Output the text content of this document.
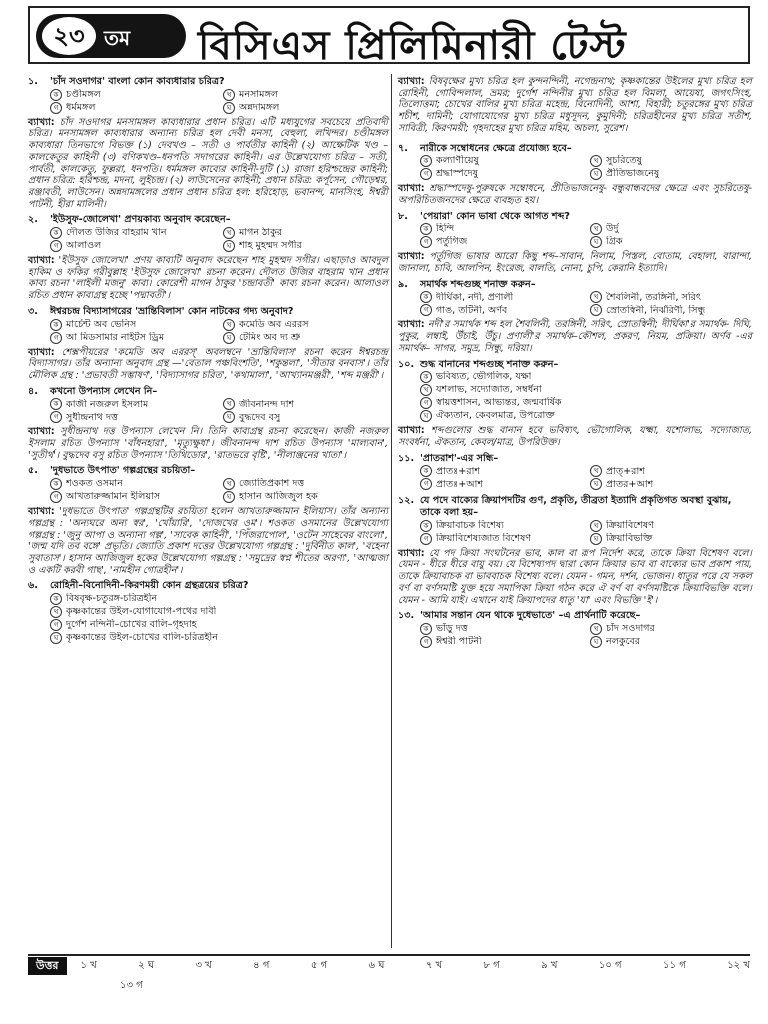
২৩ তম বিসিএস প্রিলিমিনারী টেস্ট
১.	'চাঁদ সওদাগর' বাংলা কোন কাব্যধারার চরিত্র?
ক চণ্ডীমঙ্গল	খ মনসামঙ্গল
গ ধর্মমঙ্গল	ঘ অন্নদামঙ্গল
ব্যাখ্যা: চাঁদ সওদাগর মনসামঙ্গল কাব্যধারার প্রধান চরিত্র। এটি মধ্যযুগের সবচেয়ে প্রতিবাদী চরিত্র। মনসামঙ্গল কাব্যধারার অন্যান্য চরিত্র হল দেবী মনসা, বেহুলা, লখিন্দর। চণ্ডীমঙ্গল কাব্যধারা তিনভাগে বিভক্ত (১) দেবখণ্ড – সতী ও পার্বতীর কাহিনী (২) আক্ষেটিক খণ্ড – কালকেতুর কাহিনী (৩) বণিকখণ্ড–ধনপতি সদাগরের কাহিনী। এর উল্লেখযোগ্য চরিত্র – সতী, পার্বতী, কালকেতু, ফুল্লরা, ধনপতি। ধর্মমঙ্গল কাব্যের কাহিনী-দুটি (১) রাজা হরিশ্চন্দ্রের কাহিনী; প্রধান চরিত্র: হরিশ্চন্দ্র, মদনা, লুইচন্দ্র। (২) লাউসেনের কাহিনী; প্রধান চরিত্র: কর্পূসেন, গৌড়েশ্বর, রঞ্জাবতী, লাউসেন। অন্নদামঙ্গলের প্রধান প্রধান চরিত্র হল: হরিহোড়, ভবানন্দ, মানসিংহ, ঈশ্বরী পাটনী, হীরা মালিনী।
২.	'ইউসুফ-জোলেখা' প্রণয়কাব্য অনুবাদ করেছেন–
ক দৌলত উজির বাহরাম খান	খ মাগন ঠাকুর
গ আলাওল	ঘ শাহ মুহম্মদ সগীর
ব্যাখ্যা: 'ইউসুফ জোলেখা' প্রণয় কাব্যটি অনুবাদ করেছেন শাহ মুহম্মদ সগীর। এছাড়াও আবদুল হাকিম ও ফকির গরীবুল্লাহ 'ইউসুফ জোলেখা' রচনা করেন। দৌলত উজির বাহরাম খান প্রধান কাব্য রচনা 'লাইলী মজনু' কাব্য। কোরেশী মাগন ঠাকুর 'চন্দ্রাবতী' কাব্য রচনা করেন। আলাওল রচিত প্রধান কাব্যগ্রন্থ হচ্ছে 'পদ্মাবতী'।
৩.	ঈশ্বরচন্দ্র বিদ্যাসাগরের 'ভ্রান্তিবিলাস' কোন নাটকের গদ্য অনুবাদ?
ক মার্চেন্ট অব ভেনিস	খ কমেডি অব এররস
গ আ মিডসামার নাইটস ড্রিম	ঘ টেমিং অব দ্য শ্রু
ব্যাখ্যা: শেক্সপীয়রের 'কমেডি অব এররস্' অবলম্বনে 'ভ্রান্তিবিলাস' রচনা করেন ঈশ্বরচন্দ্র বিদ্যাসাগর। তাঁর অন্যান্য অনুবাদ গ্রন্থ —'বেতাল পঞ্চবিংশতি', 'শকুন্তলা', 'সীতার বনবাস'। তাঁর মৌলিক গ্রন্থ : 'প্রভাবতী সম্ভাষণ', 'বিদ্যাসাগর চরিত', 'কথামালা', 'আখ্যানমঞ্জরী', 'শব্দ মঞ্জরী'।
৪.	কখনো উপন্যাস লেখেন নি–
ক কাজী নজরুল ইসলাম	খ জীবনানন্দ দাশ
গ সুধীন্দ্রনাথ দত্ত	ঘ বুদ্ধদেব বসু
ব্যাখ্যা: সুধীন্দ্রনাথ দত্ত উপন্যাস লেখেন নি। তিনি কাব্যগ্রন্থ রচনা করেছেন। কাজী নজরুল ইসলাম রচিত উপন্যাস 'বাঁধনহারা', 'মৃত্যুক্ষুধা'। জীবনানন্দ দাশ রচিত উপন্যাস 'মাল্যবান', 'সুতীর্থ'। বুদ্ধদেব বসু রচিত উপন্যাস 'তিথিডোর', 'রাতভরে বৃষ্টি', 'নীলাঞ্জনের খাতা'।
৫.	'দুধভাতে উৎপাত' গল্পগ্রন্থের রচয়িতা–
ক শওকত ওসমান	খ জ্যোতিপ্রকাশ দত্ত
গ আখতারুজ্জামান ইলিয়াস	ঘ হাসান আজিজুল হক
ব্যাখ্যা: 'দুধভাতে উৎপাত' গল্পগ্রন্থটির রচয়িতা হলেন আখতারুজ্জামান ইলিয়াস। তাঁর অন্যান্য গল্পগ্রন্থ : 'অন্যঘরে অন্য স্বর', 'খোঁয়ারি', 'দোজখের ওম'। শওকত ওসমানের উল্লেখযোগ্য গল্পগ্রন্থ : 'জুনু আপা ও অন্যান্য গল্প', 'সাবেক কাহিনী', 'পিঁজরাপোল', 'ওটেন সাহেবের বাংলো', 'জন্ম যদি তব বঙ্গে' প্রভৃতি। জ্যোতি প্রকাশ দত্তের উল্লেখযোগ্য গল্পগ্রন্থ : 'দুর্বিনীত কাল', 'বহেনা সুবাতাস'। হাসান আজিজুল হকের উল্লেখযোগ্য গল্পগ্রন্থ : 'সমুদ্রের স্বপ্ন শীতের অরণ্য', 'আত্মজা ও একটি করবী গাছ', 'নামহীন গোত্রহীন'।
৬.	রোহিনী–বিনোদিনী–কিরণময়ী কোন গ্রন্থত্রয়ের চরিত্র?
ক বিষবৃক্ষ-চতুরঙ্গ-চরিত্রহীন
খ কৃষ্ণকান্তের উইল-যোগাযোগ-পথের দাবী
গ দুর্গেশ নন্দিনী–চোখের বালি–গৃহদাহ
ঘ কৃষ্ণকান্তের উইল-চোখের বালি-চরিত্রহীন
ব্যাখ্যা: বিষবৃক্ষের মুখ্য চরিত্র হল কুন্দনন্দিনী, নগেন্দ্রনাথ; কৃষ্ণকান্তের উইলের মুখ্য চরিত্র হল রোহিনী, গোবিন্দলাল, ভ্রমর; দুর্গেশ নন্দিনীর মুখ্য চরিত্র হল বিমলা, আয়েষা, জগৎসিংহ, তিলোত্তমা; চোখের বালির মুখ্য চরিত্র মহেন্দ্র, বিনোদিনী, আশা, বিহারী; চতুরঙ্গের মুখ্য চরিত্র শচীশ, দামিনী; যোগাযোগের মুখ্য চরিত্র মধুসূদন, কুমুদিনী; চরিত্রহীনের মুখ্য চরিত্র সতীশ, সাবিত্রী, কিরণময়ী; গৃহদাহের মুখ্য চরিত্র মহিম, অচলা, সুরেশ।
৭.	নারীকে সম্বোধনের ক্ষেত্রে প্রযোজ্য হবে–
ক কল্যাণীয়েষু	খ সুচরিতেষু
গ শ্রদ্ধাস্পদেষু	ঘ প্রীতিভাজনেষু
ব্যাখ্যা: শ্রদ্ধাস্পদেষু-পুরুষকে সম্বোধনে, প্রীতিভাজনেষু- বন্ধুবান্ধবদের ক্ষেত্রে এবং সুচরিতেষু- অপরিচিতজনদের ক্ষেত্রে ব্যবহৃত হয়।
৮.	'পেয়ারা' কোন ভাষা থেকে আগত শব্দ?
ক হিন্দি	খ উর্দু
গ পর্তুগিজ	ঘ গ্রিক
ব্যাখ্যা: পর্তুগিজ ভাষার আরো কিছু শব্দ–সাবান, নিলাম, পিস্তল, বোতাম, বেহালা, বারান্দা, জানালা, চাবি, আলপিন, ইংরেজ, বালতি, নোনা, চুপি, কেরানি ইত্যাদি।
৯.	সমার্থক শব্দগুচ্ছ শনাক্ত করুন–
ক দীর্ঘিকা, নদী, প্রণালী	খ শৈবলিনী, তরঙ্গিনী, সরিৎ
গ গাঙ, তটিনী, অর্ণব	ঘ স্রোতস্বিনী, নির্ঝরিণী, সিন্ধু
ব্যাখ্যা: নদী'র সমার্থক শব্দ হল শৈবলিনী, তরঙ্গিনী, সরিৎ, স্রোতস্বিনী; দীর্ঘিকা'র সমার্থক- দিঘি, পুকুর, লম্বাই, উঁচাই, উঁচু। প্রণালী'র সমার্থক–কৌশল, প্রকরণ, নিয়ম, প্রক্রিয়া। অর্ণব -এর সমার্থক– সাগর, সমুদ্র, সিন্ধু, দরিয়া।
১০. শুদ্ধ বানানের শব্দগুচ্ছ শনাক্ত করুন–
ক ভবিষ্যত, ভৌগলিক, যক্ষা
খ যশলাভ, সদ্যোজাত, সম্বর্ধনা
গ স্বায়ত্তশাসন, আভ্যন্তর, জন্মবার্ষিক
ঘ ঐক্যতান, কেবলমাত্র, উপরোক্ত
ব্যাখ্যা: শব্দগুলোর শুদ্ধ বানান হবে ভবিষ্যৎ, ভৌগোলিক, যক্ষ্মা, যশোলাভ, সদ্যোজাত, সংবর্ধনা, ঐকতান, কেবল/মাত্র, উপরিউক্ত।
১১. 'প্রাতরাশ'-এর সন্ধি–
ক প্রাতঃ+রাশ	খ প্রাত্+রাশ
গ প্রাতঃ+আশ	ঘ প্রাতর+আশ
১২. যে পদে বাক্যের ক্রিয়াপদটির গুণ, প্রকৃতি, তীব্রতা ইত্যাদি প্রকৃতিগত অবস্থা বুঝায়, তাকে বলা হয়–
ক ক্রিয়াবাচক বিশেষ্য	খ ক্রিয়াবিশেষণ
গ ক্রিয়াবিশেষ্যজাত বিশেষণ	ঘ ক্রিয়াবিভক্তি
ব্যাখ্যা: যে পদ ক্রিয়া সংঘটনের ভাব, কাল বা রূপ নির্দেশ করে, তাকে ক্রিয়া বিশেষণ বলে। যেমন - ধীরে ধীরে বায়ু বয়। যে বিশেষ্যপদ দ্বারা কোন ক্রিয়ার ভাব বা বাক্যের ভাব প্রকাশ পায়, তাকে ক্রিয়াবাচক বা ভাববাচক বিশেষ্য বলে। যেমন - গমন, দর্শন, ভোজন। ধাতুর পরে যে সকল বর্ণ বা বর্ণসমষ্টি যুক্ত হয়ে সমাপিকা ক্রিয়া গঠন করে ঐ বর্ণ বা বর্ণসমষ্টিকে ক্রিয়াবিভক্তি বলে। যেমন - আমি যাই। এখানে যাই ক্রিয়াপদের ধাতু 'যা' এবং বিভক্তি 'ই'।
১৩. 'আমার সন্তান যেন থাকে দুধেভাতে' –এ প্রার্থনাটি করেছে–
ক ভাঁড়ু দত্ত	খ চাঁদ সওদাগর
গ ঈশ্বরী পাটনী	ঘ নলকুবের
উত্তর	১ খ	২ ঘ	৩ খ	৪ গ	৫ গ	৬ ঘ	৭ খ	৮ গ	৯ খ	১০ গ	১১ গ	১২ খ
১৩ গ
